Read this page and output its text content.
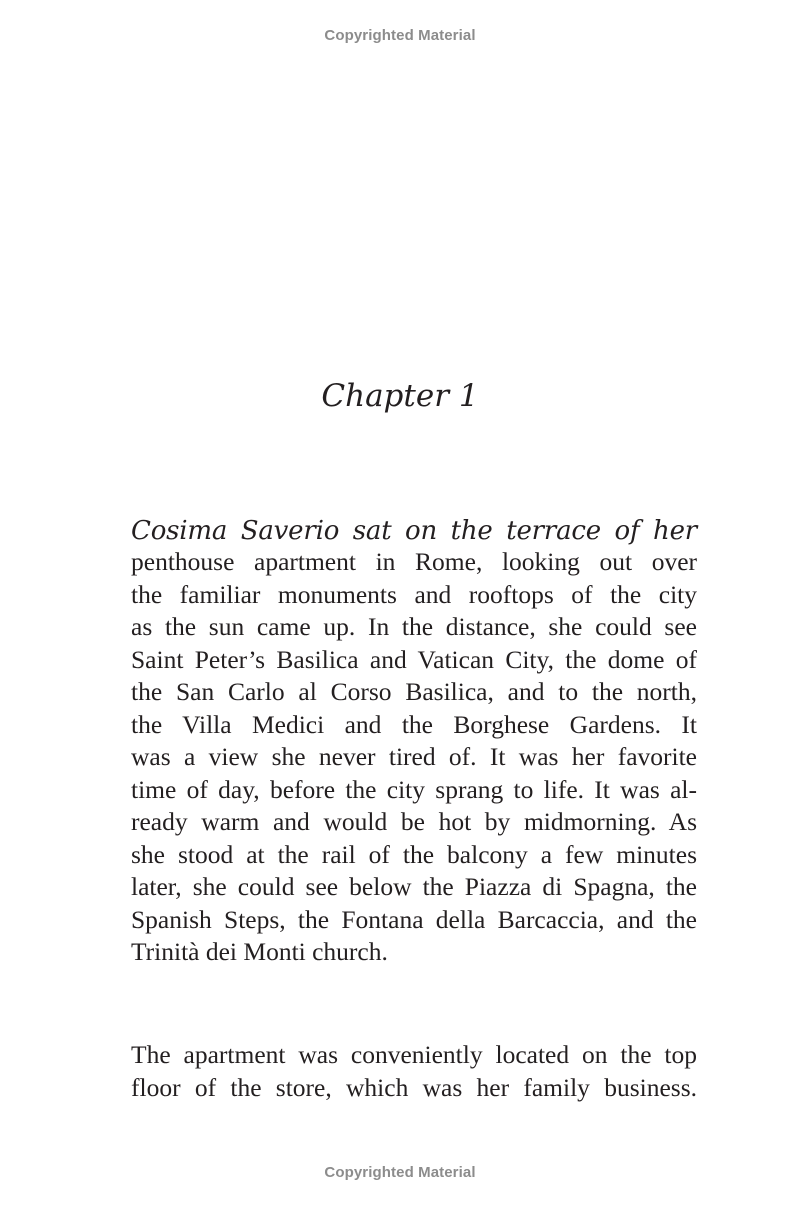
Copyrighted Material
Chapter 1
Cosima Saverio sat on the terrace of her
penthouse apartment in Rome, looking out over
the familiar monuments and rooftops of the city
as the sun came up. In the distance, she could see
Saint Peter’s Basilica and Vatican City, the dome of
the San Carlo al Corso Basilica, and to the north,
the Villa Medici and the Borghese Gardens. It
was a view she never tired of. It was her favorite
time of day, before the city sprang to life. It was al-
ready warm and would be hot by midmorning. As
she stood at the rail of the balcony a few minutes
later, she could see below the Piazza di Spagna, the
Spanish Steps, the Fontana della Barcaccia, and the
Trinità dei Monti church.
The apartment was conveniently located on the top
floor of the store, which was her family business.
Copyrighted Material
